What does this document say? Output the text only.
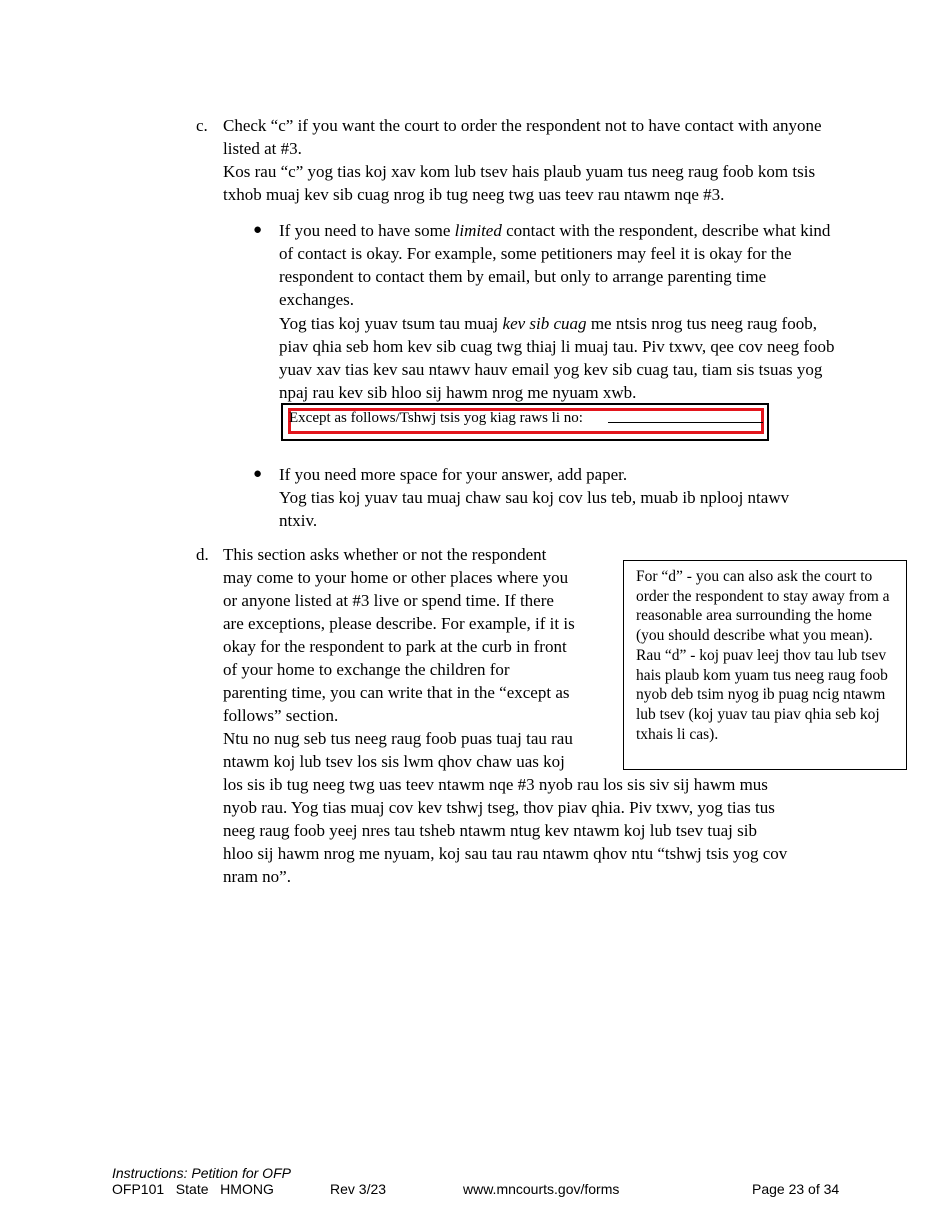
c. Check “c” if you want the court to order the respondent not to have contact with anyone listed at #3.

Kos rau “c” yog tias koj xav kom lub tsev hais plaub yuam tus neeg raug foob kom tsis txhob muaj kev sib cuag nrog ib tug neeg twg uas teev rau ntawm nqe #3.

● If you need to have some limited contact with the respondent, describe what kind of contact is okay. For example, some petitioners may feel it is okay for the respondent to contact them by email, but only to arrange parenting time exchanges.

Yog tias koj yuav tsum tau muaj kev sib cuag me ntsis nrog tus neeg raug foob, piav qhia seb hom kev sib cuag twg thiaj li muaj tau. Piv txwv, qee cov neeg foob yuav xav tias kev sau ntawv hauv email yog kev sib cuag tau, tiam sis tsuas yog npaj rau kev sib hloo sij hawm nrog me nyuam xwb.

Except as follows/Tshwj tsis yog kiag raws li no:
● If you need more space for your answer, add paper.

Yog tias koj yuav tau muaj chaw sau koj cov lus teb, muab ib nplooj ntawv ntxiv.

d. This section asks whether or not the respondent
may come to your home or other places where you
or anyone listed at #3 live or spend time. If there
are exceptions, please describe. For example, if it is
okay for the respondent to park at the curb in front
of your home to exchange the children for
parenting time, you can write that in the “except as
follows” section.
Ntu no nug seb tus neeg raug foob puas tuaj tau rau
ntawm koj lub tsev los sis lwm qhov chaw uas koj
los sis ib tug neeg twg uas teev ntawm nqe #3 nyob rau los sis siv sij hawm mus
nyob rau. Yog tias muaj cov kev tshwj tseg, thov piav qhia. Piv txwv, yog tias tus
neeg raug foob yeej nres tau tsheb ntawm ntug kev ntawm koj lub tsev tuaj sib
hloo sij hawm nrog me nyuam, koj sau tau rau ntawm qhov ntu “tshwj tsis yog cov
nram no”.

For “d” - you can also ask the court to order the respondent to stay away from a reasonable area surrounding the home (you should describe what you mean).

Rau “d” - koj puav leej thov tau lub tsev hais plaub kom yuam tus neeg raug foob nyob deb tsim nyog ib puag ncig ntawm lub tsev (koj yuav tau piav qhia seb koj txhais li cas).

Instructions: Petition for OFP
OFP101   State   HMONG	Rev 3/23	www.mncourts.gov/forms	Page 23 of 34
